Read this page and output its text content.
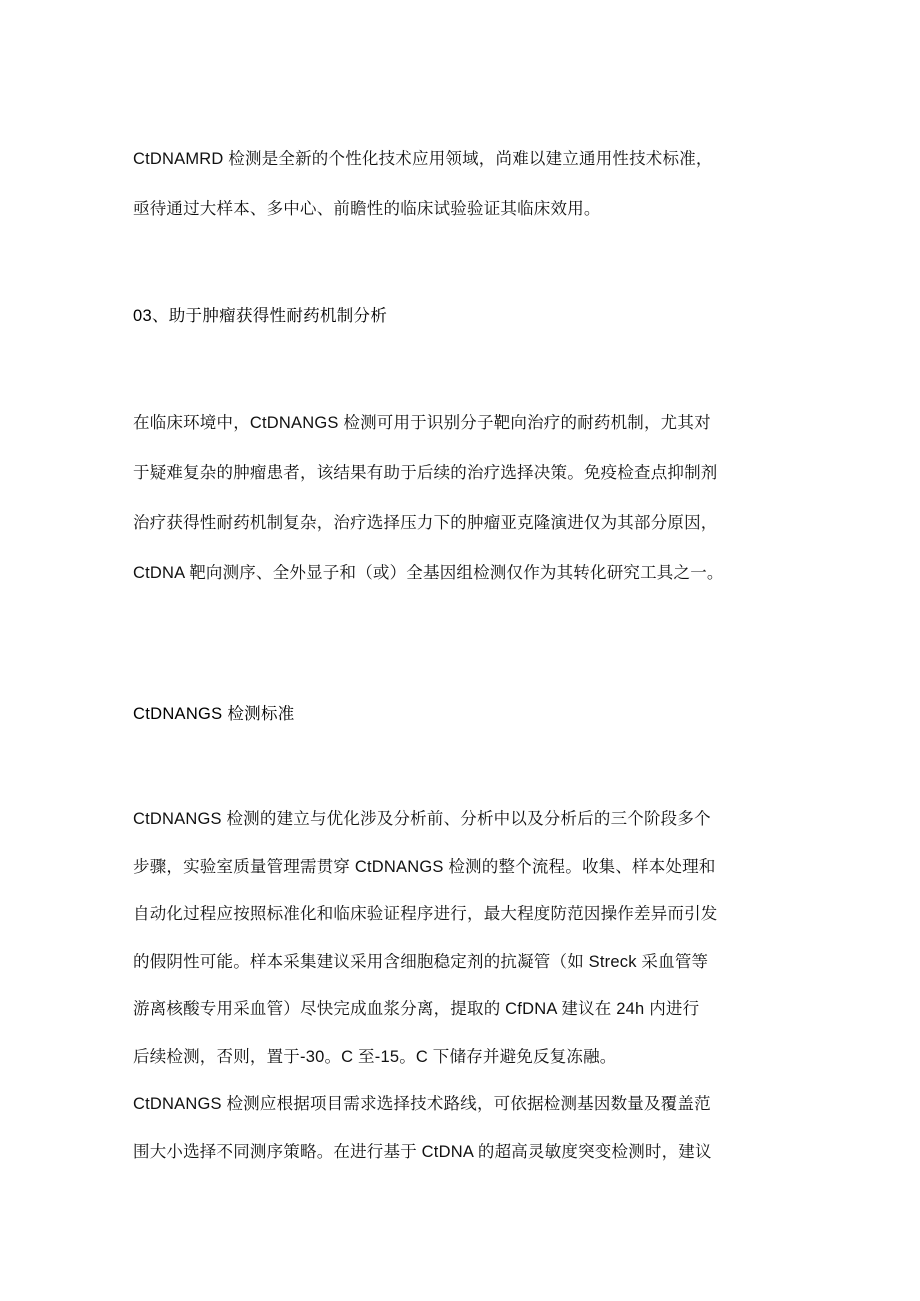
CtDNAMRD 检测是全新的个性化技术应用领域，尚难以建立通用性技术标准，
亟待通过大样本、多中心、前瞻性的临床试验验证其临床效用。
03、助于肿瘤获得性耐药机制分析
在临床环境中，CtDNANGS 检测可用于识别分子靶向治疗的耐药机制，尤其对
于疑难复杂的肿瘤患者，该结果有助于后续的治疗选择决策。免疫检查点抑制剂
治疗获得性耐药机制复杂，治疗选择压力下的肿瘤亚克隆演进仅为其部分原因，
CtDNA 靶向测序、全外显子和（或）全基因组检测仅作为其转化研究工具之一。
CtDNANGS 检测标准
CtDNANGS 检测的建立与优化涉及分析前、分析中以及分析后的三个阶段多个
步骤，实验室质量管理需贯穿 CtDNANGS 检测的整个流程。收集、样本处理和
自动化过程应按照标准化和临床验证程序进行，最大程度防范因操作差异而引发
的假阴性可能。样本采集建议采用含细胞稳定剂的抗凝管（如 Streck 采血管等
游离核酸专用采血管）尽快完成血浆分离，提取的 CfDNA 建议在 24h 内进行
后续检测，否则，置于-30。C 至-15。C 下储存并避免反复冻融。
CtDNANGS 检测应根据项目需求选择技术路线，可依据检测基因数量及覆盖范
围大小选择不同测序策略。在进行基于 CtDNA 的超高灵敏度突变检测时，建议
